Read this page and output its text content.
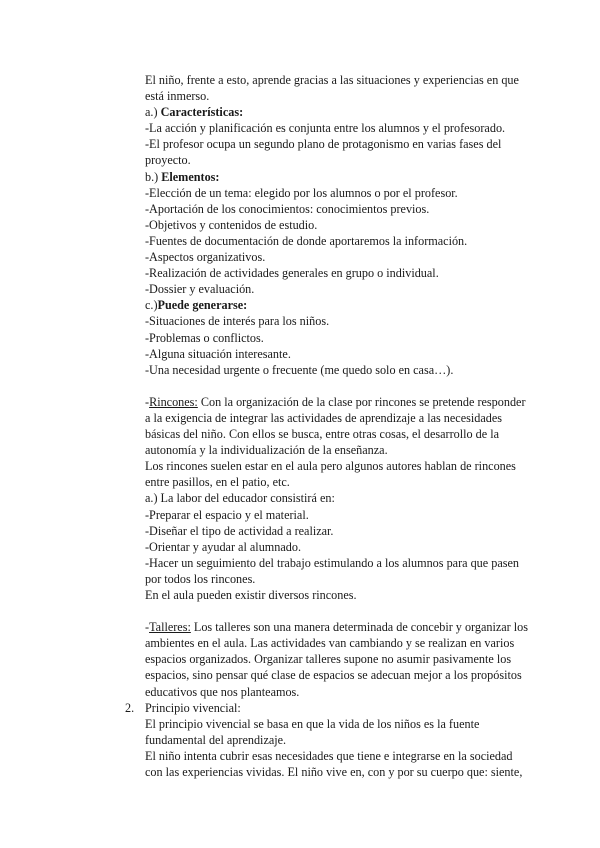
El niño, frente a esto, aprende gracias a las situaciones y experiencias en que
está inmerso.
a.) Características:
-La acción y planificación es conjunta entre los alumnos y el profesorado.
-El profesor ocupa un segundo plano de protagonismo en varias fases del
proyecto.
b.) Elementos:
-Elección de un tema: elegido por los alumnos o por el profesor.
-Aportación de los conocimientos: conocimientos previos.
-Objetivos y contenidos de estudio.
-Fuentes de documentación de donde aportaremos la información.
-Aspectos organizativos.
-Realización de actividades generales en grupo o individual.
-Dossier y evaluación.
c.)Puede generarse:
-Situaciones de interés para los niños.
-Problemas o conflictos.
-Alguna situación interesante.
-Una necesidad urgente o frecuente (me quedo solo en casa…).
-Rincones: Con la organización de la clase por rincones se pretende responder
a la exigencia de integrar las actividades de aprendizaje a las necesidades
básicas del niño. Con ellos se busca, entre otras cosas, el desarrollo de la
autonomía y la individualización de la enseñanza.
Los rincones suelen estar en el aula pero algunos autores hablan de rincones
entre pasillos, en el patio, etc.
a.) La labor del educador consistirá en:
-Preparar el espacio y el material.
-Diseñar el tipo de actividad a realizar.
-Orientar y ayudar al alumnado.
-Hacer un seguimiento del trabajo estimulando a los alumnos para que pasen
por todos los rincones.
En el aula pueden existir diversos rincones.
-Talleres: Los talleres son una manera determinada de concebir y organizar los
ambientes en el aula. Las actividades van cambiando y se realizan en varios
espacios organizados. Organizar talleres supone no asumir pasivamente los
espacios, sino pensar qué clase de espacios se adecuan mejor a los propósitos
educativos que nos planteamos.
2. Principio vivencial:
El principio vivencial se basa en que la vida de los niños es la fuente
fundamental del aprendizaje.
El niño intenta cubrir esas necesidades que tiene e integrarse en la sociedad
con las experiencias vividas. El niño vive en, con y por su cuerpo que: siente,
